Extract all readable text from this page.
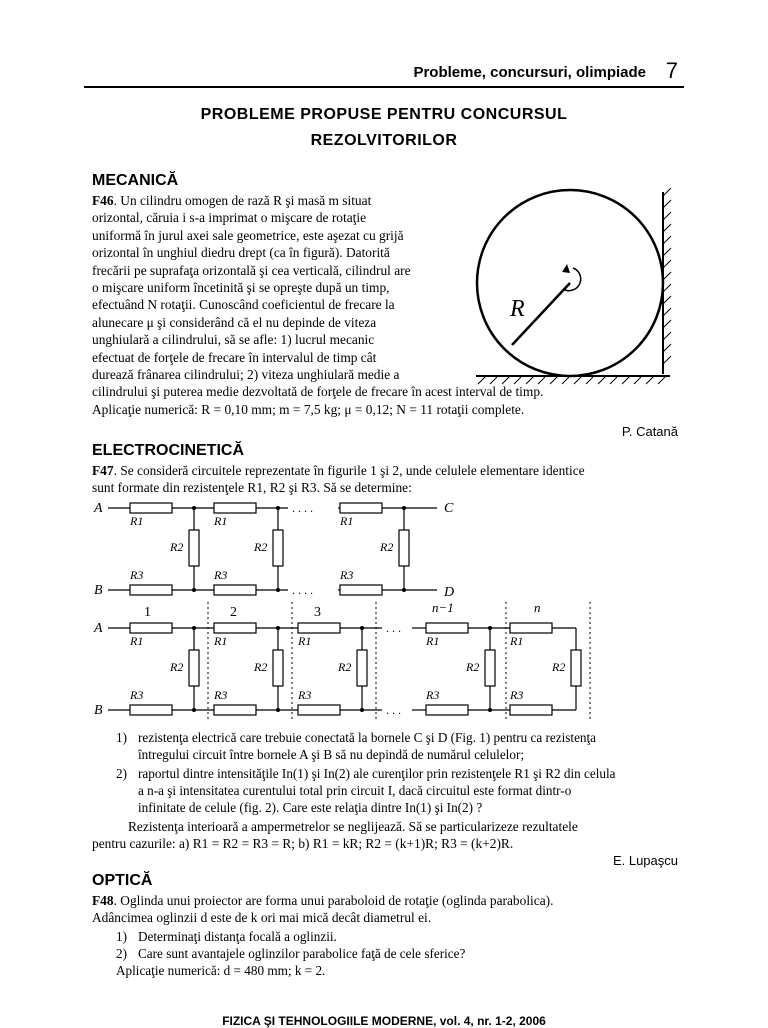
Probleme, concursuri, olimpiade 7
PROBLEME PROPUSE PENTRU CONCURSUL
REZOLVITORILOR
MECANICĂ
F46. Un cilindru omogen de rază R şi masă m situat
orizontal, căruia i s-a imprimat o mişcare de rotaţie
uniformă în jurul axei sale geometrice, este aşezat cu grijă
orizontal în unghiul diedru drept (ca în figură). Datorită
frecării pe suprafaţa orizontală şi cea verticală, cilindrul are
o mişcare uniform încetinită şi se opreşte după un timp,
efectuând N rotaţii. Cunoscând coeficientul de frecare la
alunecare μ şi considerând că el nu depinde de viteza
unghiulară a cilindrului, să se afle: 1) lucrul mecanic
efectuat de forţele de frecare în intervalul de timp cât
durează frânarea cilindrului; 2) viteza unghiulară medie a
cilindrului şi puterea medie dezvoltată de forţele de frecare în acest interval de timp.
Aplicaţie numerică: R = 0,10 mm; m = 7,5 kg; μ = 0,12; N = 11 rotaţii complete.
R
P. Catană
ELECTROCINETICĂ
F47. Se consideră circuitele reprezentate în figurile 1 şi 2, unde celulele elementare identice
sunt formate din rezistenţele R1, R2 şi R3. Să se determine:
. . . .
. . . .
A
B
C
D
R1	R1	R1
R2	R2	R2
R3	R3	R3
. . .
. . .
1	2	3	n−1	n
A
B
R1	R1	R1	R1	R1
R2	R2	R2	R2	R2
R3	R3	R3	R3	R3
1) rezistenţa electrică care trebuie conectată la bornele C şi D (Fig. 1) pentru ca rezistenţa
întregului circuit între bornele A şi B să nu depindă de numărul celulelor;
2) raportul dintre intensităţile In(1) şi In(2) ale curenţilor prin rezistenţele R1 şi R2 din celula
a n-a şi intensitatea curentului total prin circuit I, dacă circuitul este format dintr-o
infinitate de celule (fig. 2). Care este relaţia dintre In(1) şi In(2) ?
Rezistenţa interioară a ampermetrelor se neglijează. Să se particularizeze rezultatele
pentru cazurile: a) R1 = R2 = R3 = R; b) R1 = kR; R2 = (k+1)R; R3 = (k+2)R.
E. Lupaşcu
OPTICĂ
F48. Oglinda unui proiector are forma unui paraboloid de rotaţie (oglinda parabolica).
Adâncimea oglinzii d este de k ori mai mică decât diametrul ei.
1) Determinaţi distanţa focală a oglinzii.
2) Care sunt avantajele oglinzilor parabolice faţă de cele sferice?
Aplicaţie numerică: d = 480 mm; k = 2.
FIZICA ŞI TEHNOLOGIILE MODERNE, vol. 4, nr. 1-2, 2006
